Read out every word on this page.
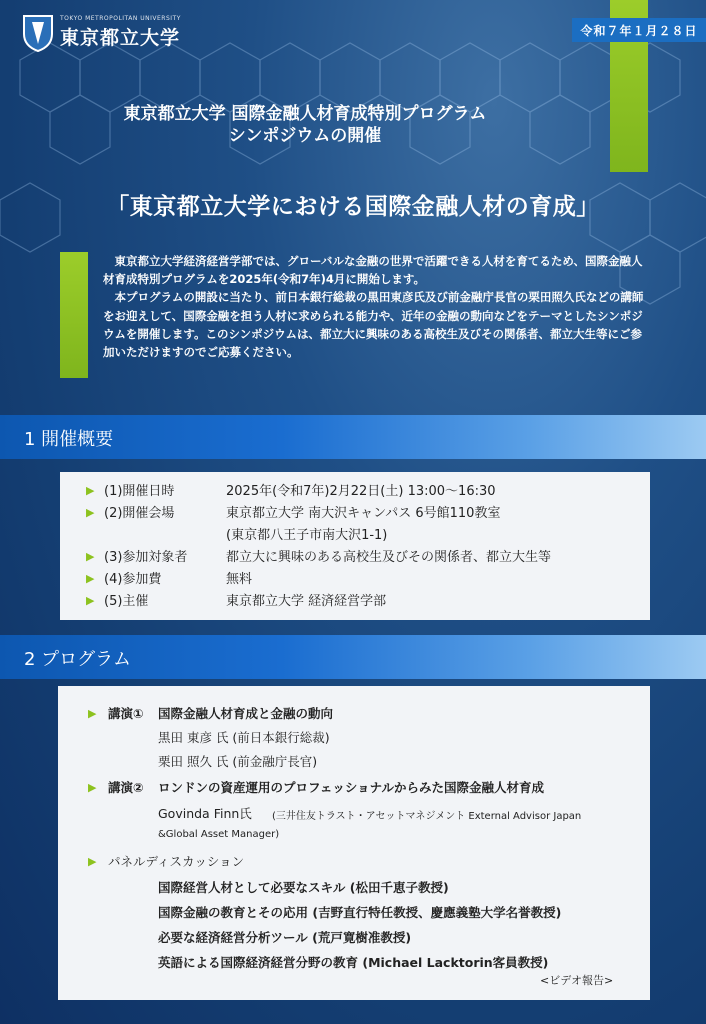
TOKYO METROPOLITAN UNIVERSITY
東京都立大学	令和７年１月２８日
東京都立大学 国際金融人材育成特別プログラム
シンポジウムの開催
「東京都立大学における国際金融人材の育成」

東京都立大学経済経営学部では、グローバルな金融の世界で活躍できる人材を育てるため、国際金融人材育成特別プログラムを2025年(令和7年)4月に開始します。

本プログラムの開設に当たり、前日本銀行総裁の黒田東彦氏及び前金融庁長官の栗田照久氏などの講師をお迎えして、国際金融を担う人材に求められる能力や、近年の金融の動向などをテーマとしたシンポジウムを開催します。このシンポジウムは、都立大に興味のある高校生及びその関係者、都立大生等にご参加いただけますのでご応募ください。

1 開催概要
▶ (1)開催日時	2025年(令和7年)2月22日(土) 13:00～16:30
▶ (2)開催会場	東京都立大学 南大沢キャンパス 6号館110教室
(東京都八王子市南大沢1-1)
▶ (3)参加対象者	都立大に興味のある高校生及びその関係者、都立大生等
▶ (4)参加費	無料
▶ (5)主催	東京都立大学 経済経営学部
2 プログラム
▶ 講演① 国際金融人材育成と金融の動向
黒田 東彦 氏 (前日本銀行総裁)
栗田 照久 氏 (前金融庁長官)
▶ 講演② ロンドンの資産運用のプロフェッショナルからみた国際金融人材育成
Govinda Finn氏 (三井住友トラスト・アセットマネジメント External Advisor Japan
&Global Asset Manager)
▶ パネルディスカッション
国際経営人材として必要なスキル (松田千恵子教授)
国際金融の教育とその応用 (吉野直行特任教授、慶應義塾大学名誉教授)
必要な経済経営分析ツール (荒戸寛樹准教授)
英語による国際経済経営分野の教育 (Michael Lacktorin客員教授)
<ビデオ報告>
